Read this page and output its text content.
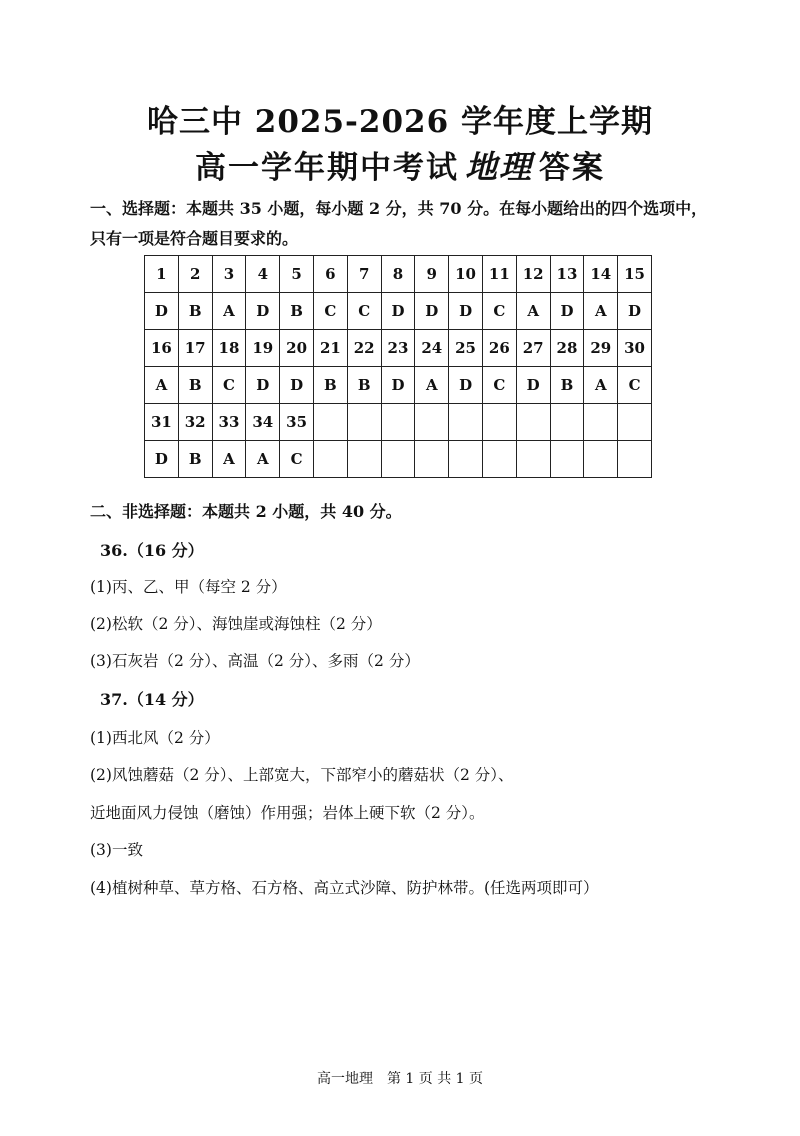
哈三中 2025-2026 学年度上学期
高一学年期中考试 地理 答案
一、选择题：本题共 35 小题，每小题 2 分，共 70 分。在每小题给出的四个选项中，只有一项是符合题目要求的。
1	2	3	4	5	6	7	8	9	10	11	12	13	14	15
D	B	A	D	B	C	C	D	D	D	C	A	D	A	D
16	17	18	19	20	21	22	23	24	25	26	27	28	29	30
A	B	C	D	D	B	B	D	A	D	C	D	B	A	C
31	32	33	34	35										
D	B	A	A	C										
二、非选择题：本题共 2 小题，共 40 分。
36.（16 分）
(1)丙、乙、甲（每空 2 分）
(2)松软（2 分）、海蚀崖或海蚀柱（2 分）
(3)石灰岩（2 分）、高温（2 分）、多雨（2 分）
37.（14 分）
(1)西北风（2 分）
(2)风蚀蘑菇（2 分）、上部宽大，下部窄小的蘑菇状（2 分）、
近地面风力侵蚀（磨蚀）作用强；岩体上硬下软（2 分）。
(3)一致
(4)植树种草、草方格、石方格、高立式沙障、防护林带。(任选两项即可）
高一地理　第 1 页 共 1 页
